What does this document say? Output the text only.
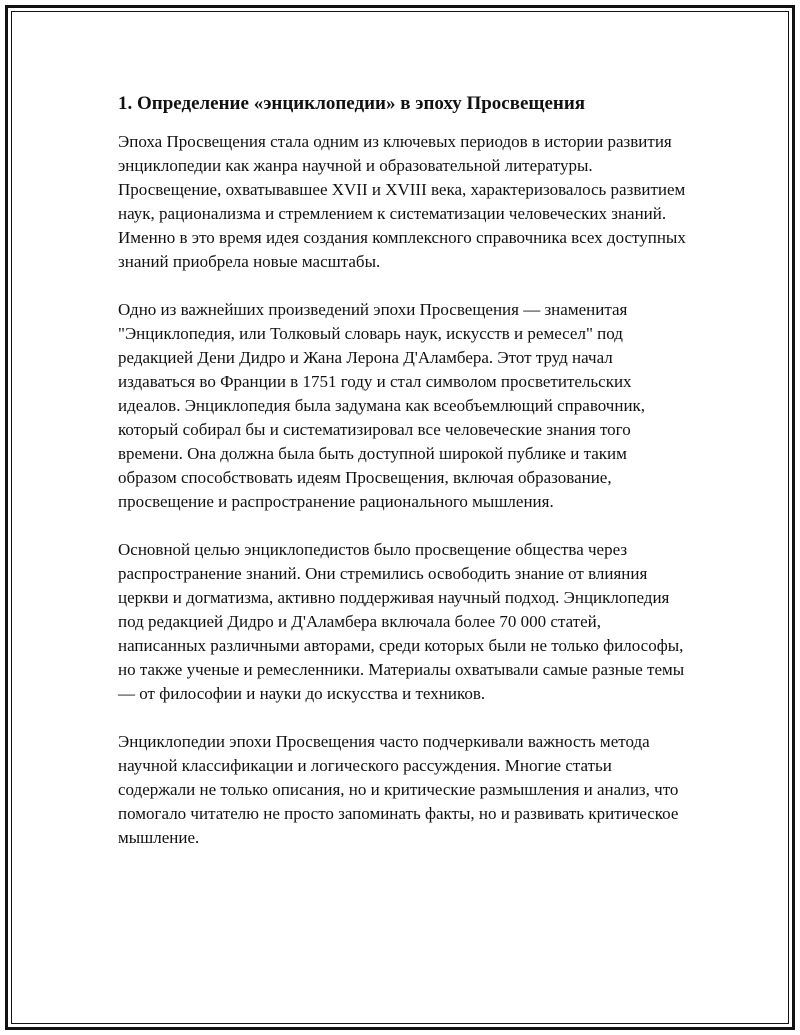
1. Определение «энциклопедии» в эпоху Просвещения

Эпоха Просвещения стала одним из ключевых периодов в истории развития энциклопедии как жанра научной и образовательной литературы. Просвещение, охватывавшее XVII и XVIII века, характеризовалось развитием наук, рационализма и стремлением к систематизации человеческих знаний. Именно в это время идея создания комплексного справочника всех доступных знаний приобрела новые масштабы.

Одно из важнейших произведений эпохи Просвещения — знаменитая "Энциклопедия, или Толковый словарь наук, искусств и ремесел" под редакцией Дени Дидро и Жана Лерона Д'Аламбера. Этот труд начал издаваться во Франции в 1751 году и стал символом просветительских идеалов. Энциклопедия была задумана как всеобъемлющий справочник, который собирал бы и систематизировал все человеческие знания того времени. Она должна была быть доступной широкой публике и таким образом способствовать идеям Просвещения, включая образование, просвещение и распространение рационального мышления.

Основной целью энциклопедистов было просвещение общества через распространение знаний. Они стремились освободить знание от влияния церкви и догматизма, активно поддерживая научный подход. Энциклопедия под редакцией Дидро и Д'Аламбера включала более 70 000 статей, написанных различными авторами, среди которых были не только философы, но также ученые и ремесленники. Материалы охватывали самые разные темы — от философии и науки до искусства и техников.

Энциклопедии эпохи Просвещения часто подчеркивали важность метода научной классификации и логического рассуждения. Многие статьи содержали не только описания, но и критические размышления и анализ, что помогало читателю не просто запоминать факты, но и развивать критическое мышление.
